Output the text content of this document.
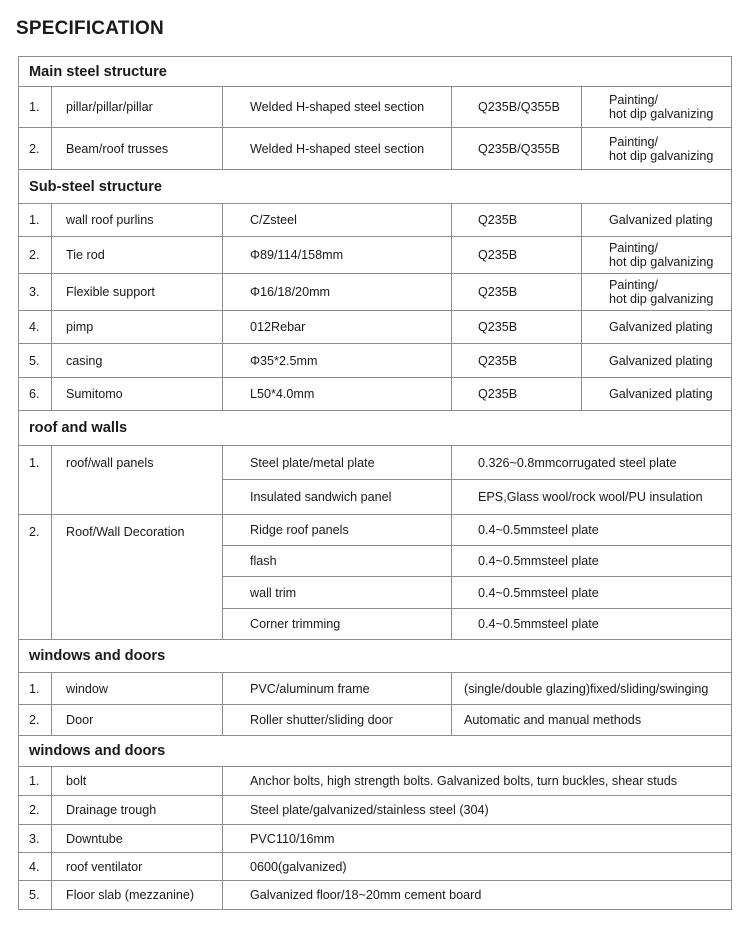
SPECIFICATION
Main steel structure				
1.	pillar/pillar/pillar	Welded H-shaped steel section	Q235B/Q355B	Painting/
hot dip galvanizing

2.	Beam/roof trusses	Welded H-shaped steel section	Q235B/Q355B	Painting/
hot dip galvanizing

Sub-steel structure				
1.	wall roof purlins	C/Zsteel	Q235B	Galvanized plating
2.	Tie rod	Φ89/114/158mm	Q235B	Painting/
hot dip galvanizing

3.	Flexible support	Φ16/18/20mm	Q235B	Painting/
hot dip galvanizing

4.	pimp	012Rebar	Q235B	Galvanized plating
5.	casing	Φ35*2.5mm	Q235B	Galvanized plating
6.	Sumitomo	L50*4.0mm	Q235B	Galvanized plating
roof and walls				
1.	roof/wall panels	Steel plate/metal plate	0.326~0.8mmcorrugated steel plate	
		Insulated sandwich panel	EPS,Glass wool/rock wool/PU insulation	
2.	Roof/Wall Decoration	Ridge roof panels	0.4~0.5mmsteel plate	
		flash	0.4~0.5mmsteel plate	
		wall trim	0.4~0.5mmsteel plate	
		Corner trimming	0.4~0.5mmsteel plate	
windows and doors				
1.	window	PVC/aluminum frame	(single/double glazing)fixed/sliding/swinging	
2.	Door	Roller shutter/sliding door	Automatic and manual methods	
windows and doors				
1.	bolt	Anchor bolts, high strength bolts. Galvanized bolts, turn buckles, shear studs		
2.	Drainage trough	Steel plate/galvanized/stainless steel (304)		
3.	Downtube	PVC110/16mm		
4.	roof ventilator	0600(galvanized)		
5.	Floor slab (mezzanine)	Galvanized floor/18~20mm cement board		
